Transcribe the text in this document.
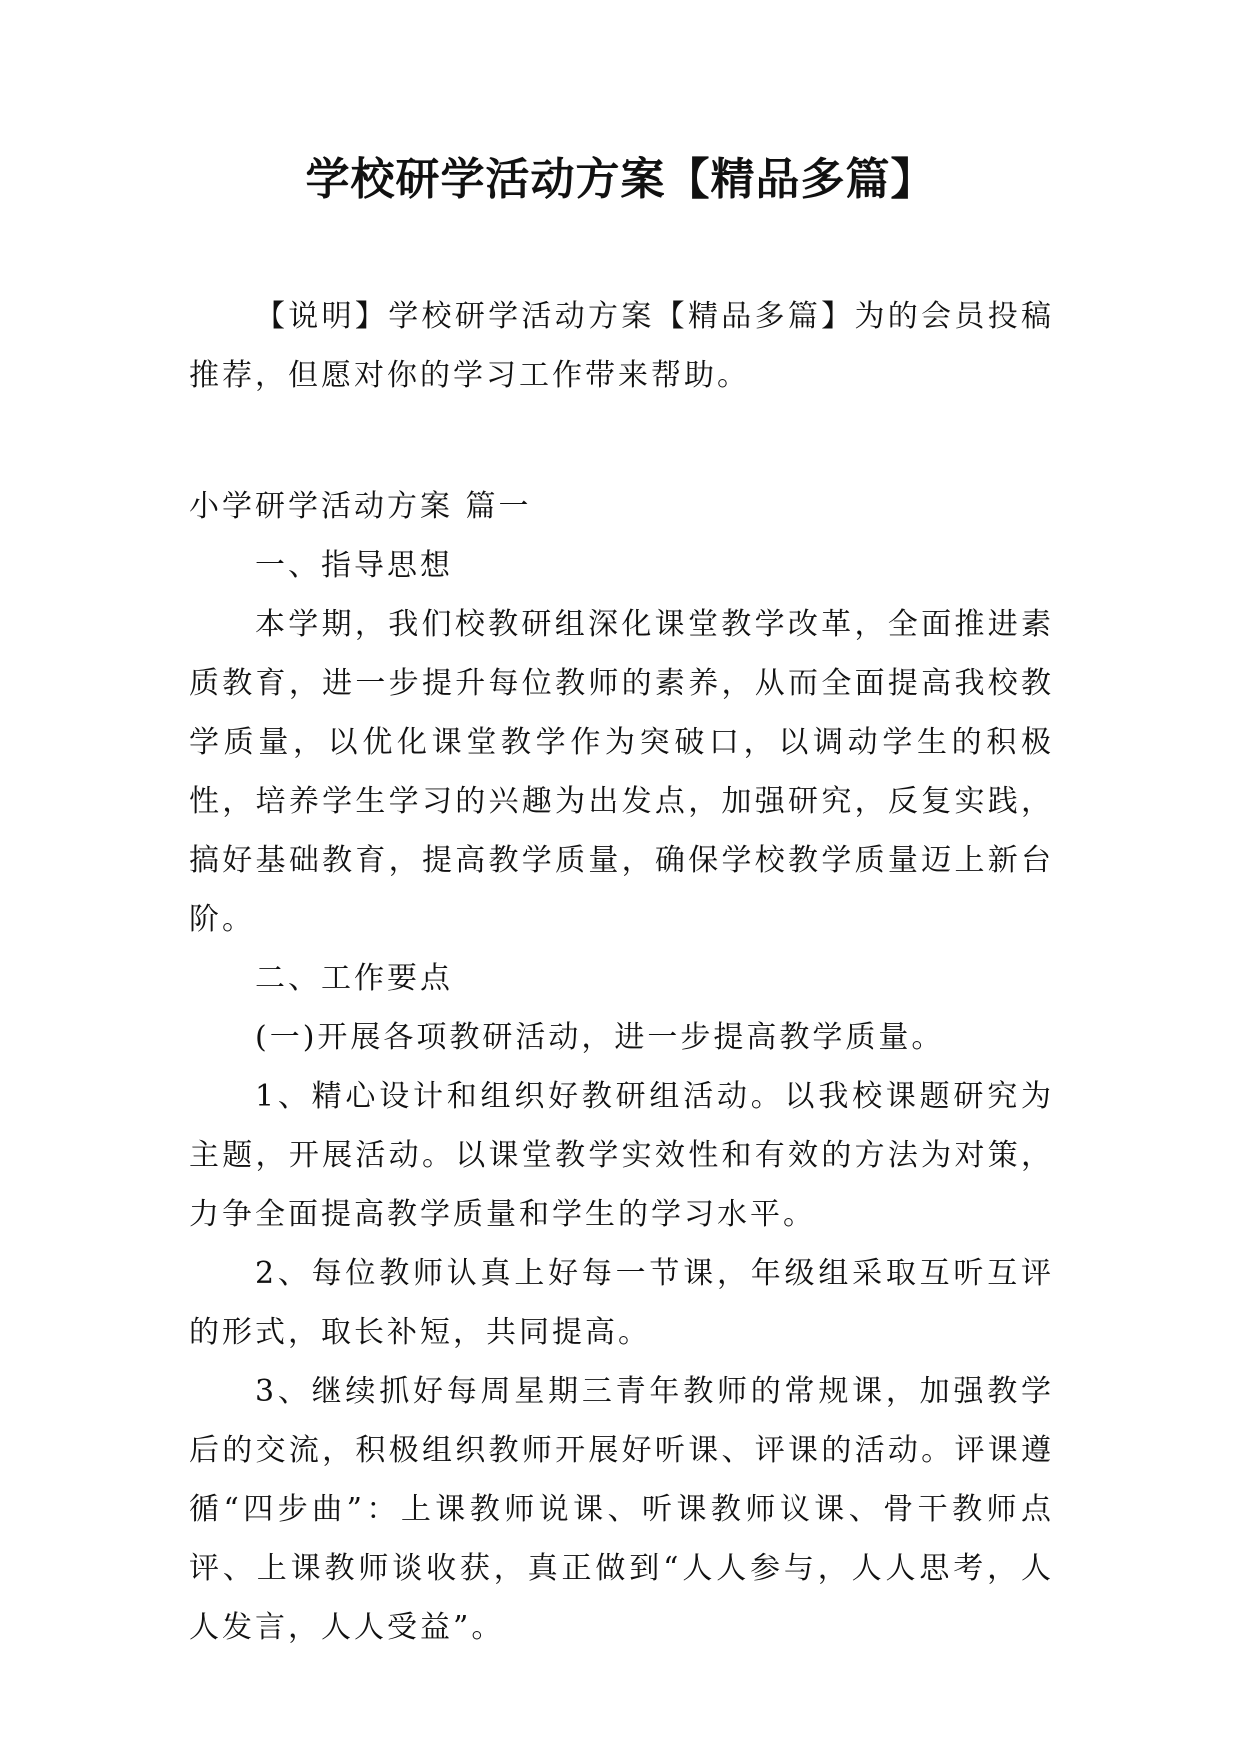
学校研学活动方案【精品多篇】

【说明】学校研学活动方案【精品多篇】为的会员投稿推荐，但愿对你的学习工作带来帮助。

小学研学活动方案 篇一

一、指导思想

本学期，我们校教研组深化课堂教学改革，全面推进素质教育，进一步提升每位教师的素养，从而全面提高我校教学质量，以优化课堂教学作为突破口，以调动学生的积极性，培养学生学习的兴趣为出发点，加强研究，反复实践，搞好基础教育，提高教学质量，确保学校教学质量迈上新台阶。

二、工作要点

(一)开展各项教研活动，进一步提高教学质量。

1、精心设计和组织好教研组活动。以我校课题研究为主题，开展活动。以课堂教学实效性和有效的方法为对策，力争全面提高教学质量和学生的学习水平。

2、每位教师认真上好每一节课，年级组采取互听互评的形式，取长补短，共同提高。

3、继续抓好每周星期三青年教师的常规课，加强教学后的交流，积极组织教师开展好听课、评课的活动。评课遵循“四步曲”：上课教师说课、听课教师议课、骨干教师点评、上课教师谈收获，真正做到“人人参与，人人思考，人人发言，人人受益”。
